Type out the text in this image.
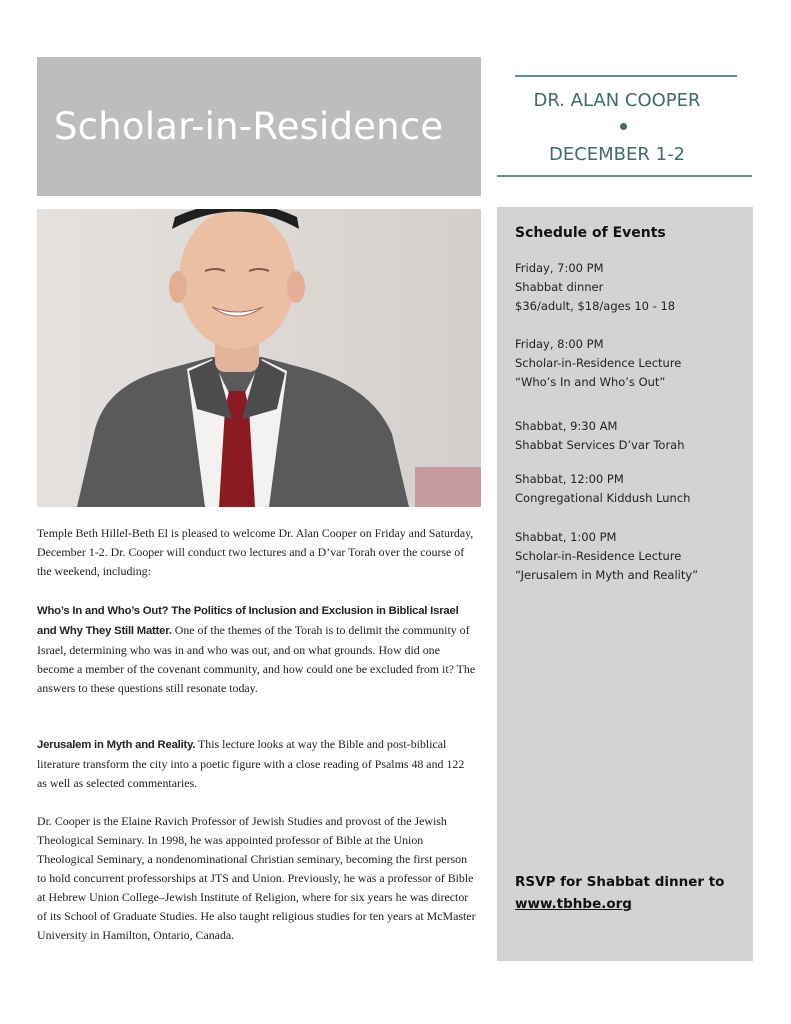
Scholar-in-Residence
DR. ALAN COOPER
DECEMBER 1-2
Temple Beth Hillel-Beth El is pleased to welcome Dr. Alan Cooper on Friday and Saturday, December 1-2. Dr. Cooper will conduct two lectures and a D’var Torah over the course of the weekend, including:
Who’s In and Who’s Out? The Politics of Inclusion and Exclusion in Biblical Israel and Why They Still Matter. One of the themes of the Torah is to delimit the community of Israel, determining who was in and who was out, and on what grounds. How did one become a member of the covenant community, and how could one be excluded from it? The answers to these questions still resonate today.
Jerusalem in Myth and Reality. This lecture looks at way the Bible and post-biblical literature transform the city into a poetic figure with a close reading of Psalms 48 and 122 as well as selected commentaries.
Dr. Cooper is the Elaine Ravich Professor of Jewish Studies and provost of the Jewish Theological Seminary. In 1998, he was appointed professor of Bible at the Union Theological Seminary, a nondenominational Christian seminary, becoming the first person to hold concurrent professorships at JTS and Union. Previously, he was a professor of Bible at Hebrew Union College–Jewish Institute of Religion, where for six years he was director of its School of Graduate Studies. He also taught religious studies for ten years at McMaster University in Hamilton, Ontario, Canada.
Schedule of Events
Friday, 7:00 PM
Shabbat dinner
$36/adult, $18/ages 10 - 18
Friday, 8:00 PM
Scholar-in-Residence Lecture
“Who’s In and Who’s Out”
Shabbat, 9:30 AM
Shabbat Services D’var Torah
Shabbat, 12:00 PM
Congregational Kiddush Lunch
Shabbat, 1:00 PM
Scholar-in-Residence Lecture
“Jerusalem in Myth and Reality”
RSVP for Shabbat dinner to
www.tbhbe.org
